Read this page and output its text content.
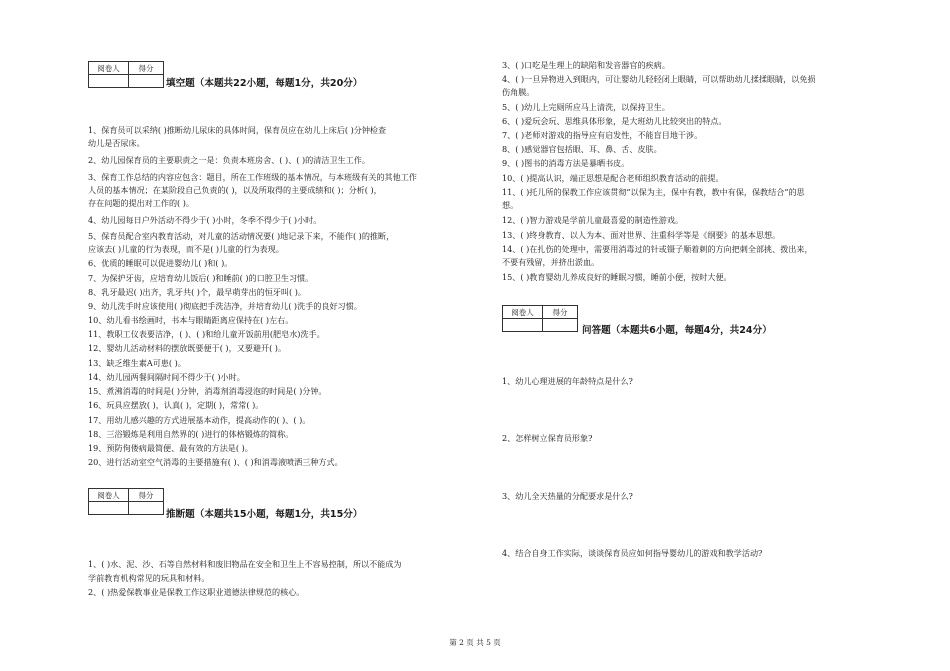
阅卷人	得分

填空题（本题共22小题，每题1分，共20分）
1、保育员可以采纳( )推断幼儿尿床的具体时间，保育员应在幼儿上床后( )分钟检查
幼儿是否尿床。
2、幼儿园保育员的主要职责之一是：负责本班房舍、( )、( )的清洁卫生工作。
3、保育工作总结的内容应包含：题目，所在工作班级的基本情况，与本班级有关的其他工作
人员的基本情况；在某阶段自己负责的( )，以及所取得的主要成绩和( )；分析( )，
存在问题的提出对工作的( )。
4、幼儿园每日户外活动不得少于( )小时，冬季不得少于( )小时。
5、保育员配合室内教育活动，对儿童的活动情况要( )地记录下来，不能作( )的推断，
应该去( )儿童的行为表现，而不是( )儿童的行为表现。
6、优质的睡眠可以促进婴幼儿( )和( )。
7、为保护牙齿，应培育幼儿饭后( )和睡前( )的口腔卫生习惯。
8、乳牙最迟( )出齐，乳牙共( )个，最早萌芽出的恒牙叫( )。
9、幼儿洗手时应该使用( )彻底把手洗洁净，并培育幼儿( )洗手的良好习惯。
10、幼儿看书绘画时，书本与眼睛距离应保持在( )左右。
11、教职工仪表要洁净，( )、( )和给儿童开饭前用(肥皂水)洗手。
12、婴幼儿活动材料的摆放既要便于( )，又要避开( )。
13、缺乏维生素A可患( )。
14、幼儿园两餐间隔时间不得少于( )小时。
15、煮沸消毒的时间是( )分钟，消毒剂消毒浸泡的时间是( )分钟。
16、玩具应摆放( )，认真( )，定期( )，常常( )。
17、用幼儿感兴趣的方式进展基本动作，提高动作的( )、( )。
18、三浴锻炼是利用自然界的( )进行的体格锻炼的简称。
19、预防佝偻病最简便、最有效的方法是( )。
20、进行活动室空气消毒的主要措施有( )、( )和消毒液喷洒三种方式。
阅卷人	得分

推断题（本题共15小题，每题1分，共15分）
1、( )水、泥、沙、石等自然材料和废旧物品在安全和卫生上不容易控制，所以不能成为
学前教育机构常见的玩具和材料。
2、( )热爱保教事业是保教工作这职业道德法律规范的核心。
3、( )口吃是生理上的缺陷和发音器官的疾病。
4、( )一旦异物进入到眼内，可让婴幼儿轻轻闭上眼睛，可以帮助幼儿揉揉眼睛，以免损
伤角膜。
5、( )幼儿上完厕所应马上清洗，以保持卫生。
6、( )爱玩会玩、思维具体形象，是大班幼儿比较突出的特点。
7、( )老师对游戏的指导应有启发性，不能盲目地干涉。
8、( )感觉器官包括眼、耳、鼻、舌、皮肤。
9、( )图书的消毒方法是暴晒书皮。
10、( )提高认识，端正思想是配合老师组织教育活动的前提。
11、( )托儿所的保教工作应该贯彻“以保为主，保中有教，教中有保，保教结合”的思
想。
12、( )智力游戏是学前儿童最喜爱的制造性游戏。
13、( )终身教育、以人为本、面对世界、注重科学等是《纲要》的基本思想。
14、( )在扎伤的处理中，需要用消毒过的针或镊子顺着刺的方向把刺全部挑、拨出来，
不要有残留，并挤出淤血。
15、( )教育婴幼儿养成良好的睡眠习惯，睡前小便，按时大便。
阅卷人	得分

问答题（本题共6小题，每题4分，共24分）
1、幼儿心理进展的年龄特点是什么?
2、怎样树立保育员形象?
3、幼儿全天热量的分配要求是什么?
4、结合自身工作实际，谈谈保育员应如何指导婴幼儿的游戏和教学活动?
第 2 页 共 5 页
